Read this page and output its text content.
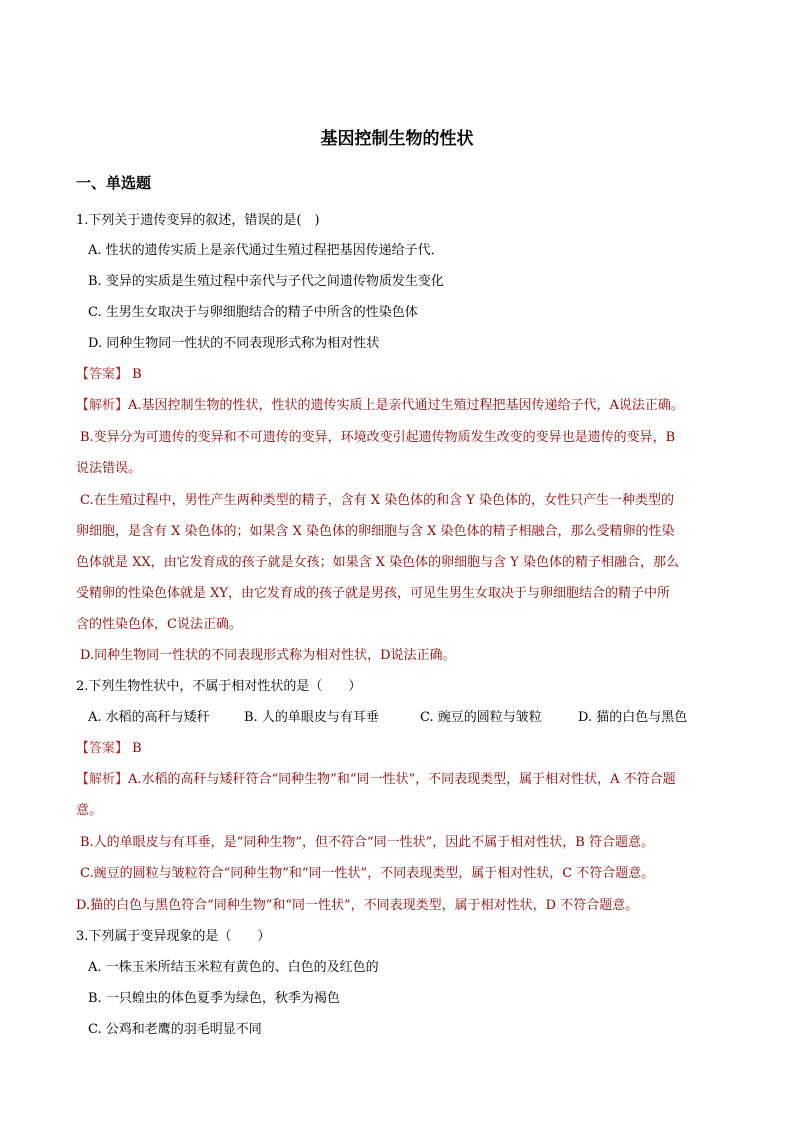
基因控制生物的性状
一、单选题
1.下列关于遗传变异的叙述，错误的是(　)
A. 性状的遗传实质上是亲代通过生殖过程把基因传递给子代．
B. 变异的实质是生殖过程中亲代与子代之间遗传物质发生变化
C. 生男生女取决于与卵细胞结合的精子中所含的性染色体
D. 同种生物同一性状的不同表现形式称为相对性状
【答案】 B
【解析】A.基因控制生物的性状，性状的遗传实质上是亲代通过生殖过程把基因传递给子代，A说法正确。
B.变异分为可遗传的变异和不可遗传的变异，环境改变引起遗传物质发生改变的变异也是遗传的变异，B
说法错误。
C.在生殖过程中，男性产生两种类型的精子，含有 X 染色体的和含 Y 染色体的，女性只产生一种类型的
卵细胞，是含有 X 染色体的；如果含 X 染色体的卵细胞与含 X 染色体的精子相融合，那么受精卵的性染
色体就是 XX，由它发育成的孩子就是女孩；如果含 X 染色体的卵细胞与含 Y 染色体的精子相融合，那么
受精卵的性染色体就是 XY，由它发育成的孩子就是男孩，可见生男生女取决于与卵细胞结合的精子中所
含的性染色体，C说法正确。
D.同种生物同一性状的不同表现形式称为相对性状，D说法正确。
2.下列生物性状中，不属于相对性状的是（　　）
A. 水稻的高秆与矮秆	B. 人的单眼皮与有耳垂	C. 豌豆的圆粒与皱粒	D. 猫的白色与黑色
【答案】 B
【解析】A.水稻的高秆与矮秆符合“同种生物”和“同一性状”，不同表现类型，属于相对性状，A 不符合题
意。
B.人的单眼皮与有耳垂，是“同种生物”，但不符合“同一性状”，因此不属于相对性状，B 符合题意。
C.豌豆的圆粒与皱粒符合“同种生物”和“同一性状”，不同表现类型，属于相对性状，C 不符合题意。
D.猫的白色与黑色符合“同种生物”和“同一性状”，不同表现类型，属于相对性状，D 不符合题意。
3.下列属于变异现象的是（　　）
A. 一株玉米所结玉米粒有黄色的、白色的及红色的
B. 一只蝗虫的体色夏季为绿色，秋季为褐色
C. 公鸡和老鹰的羽毛明显不同
